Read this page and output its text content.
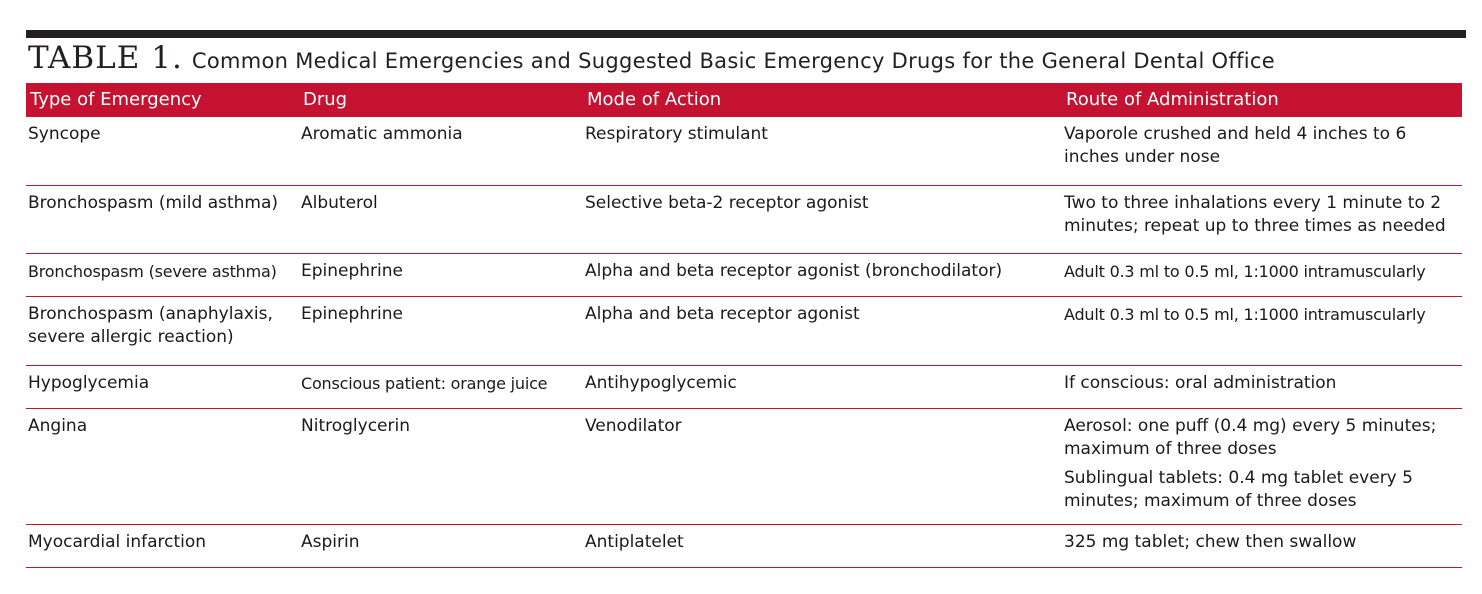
TABLE 1. Common Medical Emergencies and Suggested Basic Emergency Drugs for the General Dental Office
Type of Emergency	Drug	Mode of Action	Route of Administration
Syncope	Aromatic ammonia	Respiratory stimulant	Vaporole crushed and held 4 inches to 6 inches under nose

Bronchospasm (mild asthma)	Albuterol	Selective beta-2 receptor agonist	Two to three inhalations every 1 minute to 2 minutes; repeat up to three times as needed

Bronchospasm (severe asthma)	Epinephrine	Alpha and beta receptor agonist (bronchodilator)	Adult 0.3 ml to 0.5 ml, 1:1000 intramuscularly

Bronchospasm (anaphylaxis, severe allergic reaction)	Epinephrine	Alpha and beta receptor agonist	Adult 0.3 ml to 0.5 ml, 1:1000 intramuscularly

Hypoglycemia	Conscious patient: orange juice	Antihypoglycemic	If conscious: oral administration

Angina	Nitroglycerin	Venodilator	Aerosol: one puff (0.4 mg) every 5 minutes; maximum of three doses
Sublingual tablets: 0.4 mg tablet every 5 minutes; maximum of three doses

Myocardial infarction	Aspirin	Antiplatelet	325 mg tablet; chew then swallow
